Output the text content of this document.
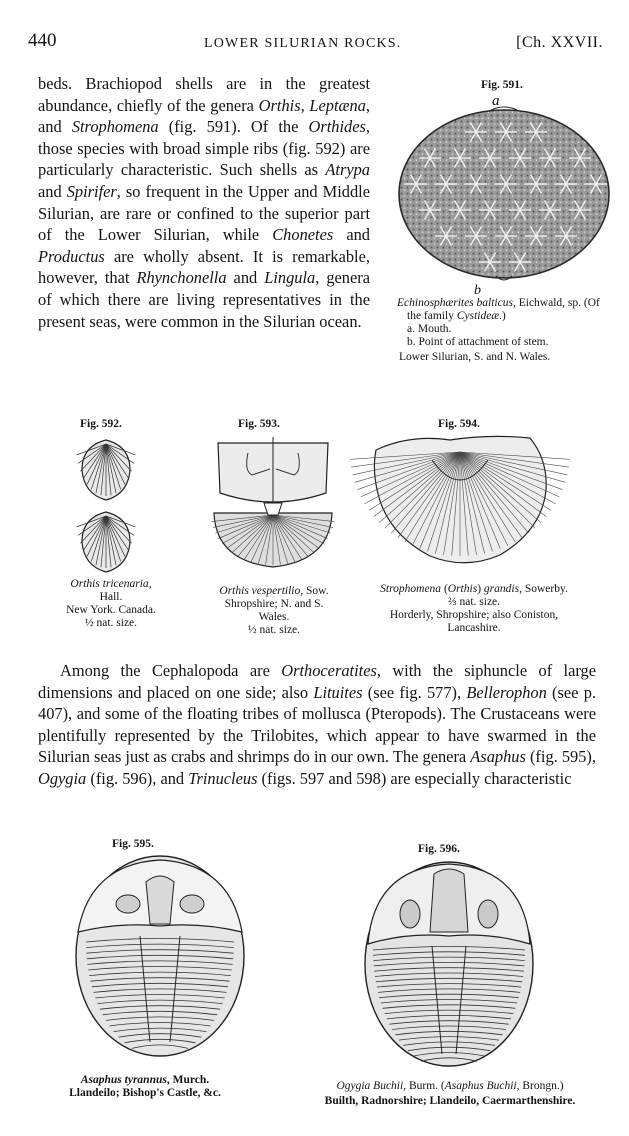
440	LOWER SILURIAN ROCKS.	[Ch. XXVII.

beds. Brachiopod shells are in the greatest abundance, chiefly of the genera Orthis, Leptæna, and Strophomena (fig. 591). Of the Orthides, those species with broad simple ribs (fig. 592) are particularly characteristic. Such shells as Atrypa and Spirifer, so frequent in the Upper and Middle Silurian, are rare or confined to the superior part of the Lower Silurian, while Chonetes and Productus are wholly absent. It is remarkable, however, that Rhynchonella and Lingula, genera of which there are living representatives in the present seas, were common in the Silurian ocean.

Fig. 591.
a
b
Echinosphærites balticus, Eichwald, sp. (Of the family Cystideæ.)
a. Mouth.
b. Point of attachment of stem.
Lower Silurian, S. and N. Wales.
Fig. 592.
Orthis tricenaria,
Hall.
New York. Canada.
½ nat. size.
Fig. 593.
Orthis vespertilio, Sow.
Shropshire; N. and S.
Wales.
½ nat. size.
Fig. 594.
Strophomena (Orthis) grandis, Sowerby.
⅔ nat. size.
Horderly, Shropshire; also Coniston,
Lancashire.

Among the Cephalopoda are Orthoceratites, with the siphuncle of large dimensions and placed on one side; also Lituites (see fig. 577), Bellerophon (see p. 407), and some of the floating tribes of mollusca (Pteropods). The Crustaceans were plentifully represented by the Trilobites, which appear to have swarmed in the Silurian seas just as crabs and shrimps do in our own. The genera Asaphus (fig. 595), Ogygia (fig. 596), and Trinucleus (figs. 597 and 598) are especially characteristic

Fig. 595.
Asaphus tyrannus, Murch.
Llandeilo; Bishop's Castle, &c.
Fig. 596.
Ogygia Buchii, Burm. (Asaphus Buchii, Brongn.)
Builth, Radnorshire; Llandeilo, Caermarthenshire.
